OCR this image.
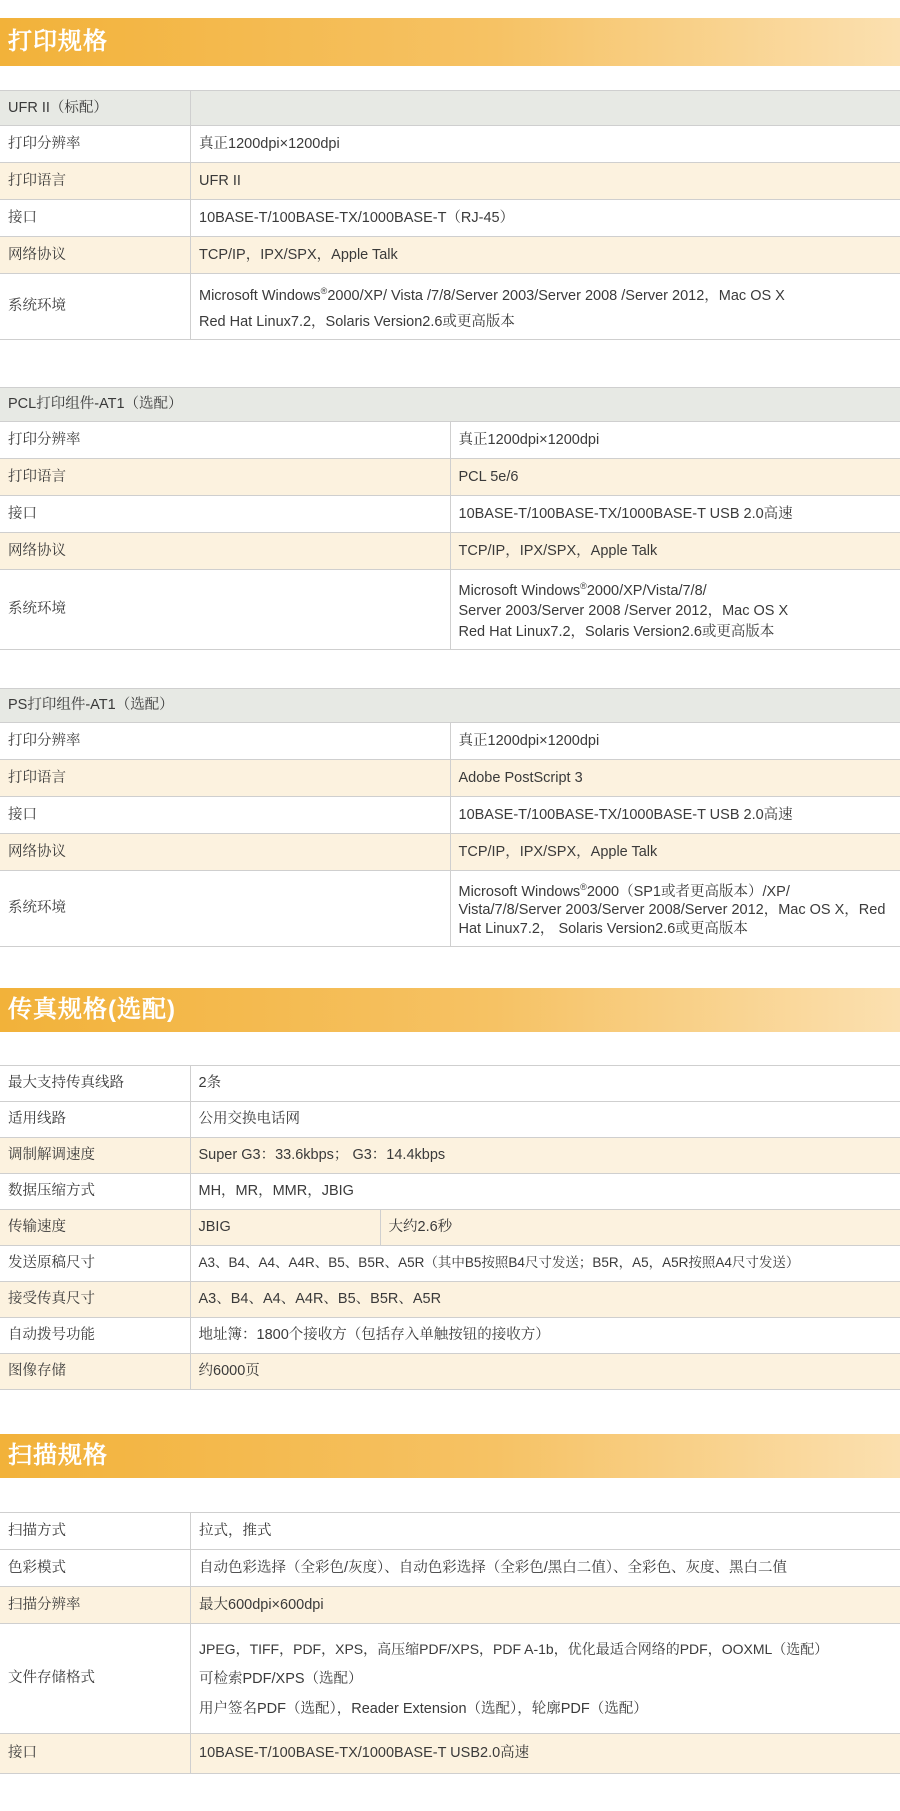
打印规格
UFR II（标配）	
打印分辨率	真正1200dpi×1200dpi
打印语言	UFR II
接口	10BASE-T/100BASE-TX/1000BASE-T（RJ-45）
网络协议	TCP/IP，IPX/SPX，Apple Talk
系统环境	Microsoft Windows®2000/XP/ Vista /7/8/Server 2003/Server 2008 /Server 2012，Mac OS X
Red Hat Linux7.2，Solaris Version2.6或更高版本
PCL打印组件-AT1（选配）	
打印分辨率	真正1200dpi×1200dpi
打印语言	PCL 5e/6
接口	10BASE-T/100BASE-TX/1000BASE-T USB 2.0高速
网络协议	TCP/IP，IPX/SPX，Apple Talk
系统环境	Microsoft Windows®2000/XP/Vista/7/8/
Server 2003/Server 2008 /Server 2012，Mac OS X
Red Hat Linux7.2，Solaris Version2.6或更高版本
PS打印组件-AT1（选配）	
打印分辨率	真正1200dpi×1200dpi
打印语言	Adobe PostScript 3
接口	10BASE-T/100BASE-TX/1000BASE-T USB 2.0高速
网络协议	TCP/IP，IPX/SPX，Apple Talk
系统环境	Microsoft Windows®2000（SP1或者更高版本）/XP/
Vista/7/8/Server 2003/Server 2008/Server 2012，Mac OS X，Red
Hat Linux7.2， Solaris Version2.6或更高版本
传真规格(选配)
最大支持传真线路	2条	
适用线路	公用交换电话网	
调制解调速度	Super G3：33.6kbps； G3：14.4kbps	
数据压缩方式	MH，MR，MMR，JBIG	
传输速度	JBIG	大约2.6秒
发送原稿尺寸	A3、B4、A4、A4R、B5、B5R、A5R（其中B5按照B4尺寸发送；B5R，A5，A5R按照A4尺寸发送）	
接受传真尺寸	A3、B4、A4、A4R、B5、B5R、A5R	
自动拨号功能	地址簿：1800个接收方（包括存入单触按钮的接收方）	
图像存储	约6000页	
扫描规格
扫描方式	拉式，推式
色彩模式	自动色彩选择（全彩色/灰度）、自动色彩选择（全彩色/黑白二值）、全彩色、灰度、黑白二值
扫描分辨率	最大600dpi×600dpi
文件存储格式	JPEG，TIFF，PDF，XPS，高压缩PDF/XPS，PDF A-1b，优化最适合网络的PDF，OOXML（选配）
可检索PDF/XPS（选配）
用户签名PDF（选配），Reader Extension（选配），轮廓PDF（选配）

接口	10BASE-T/100BASE-TX/1000BASE-T USB2.0高速
